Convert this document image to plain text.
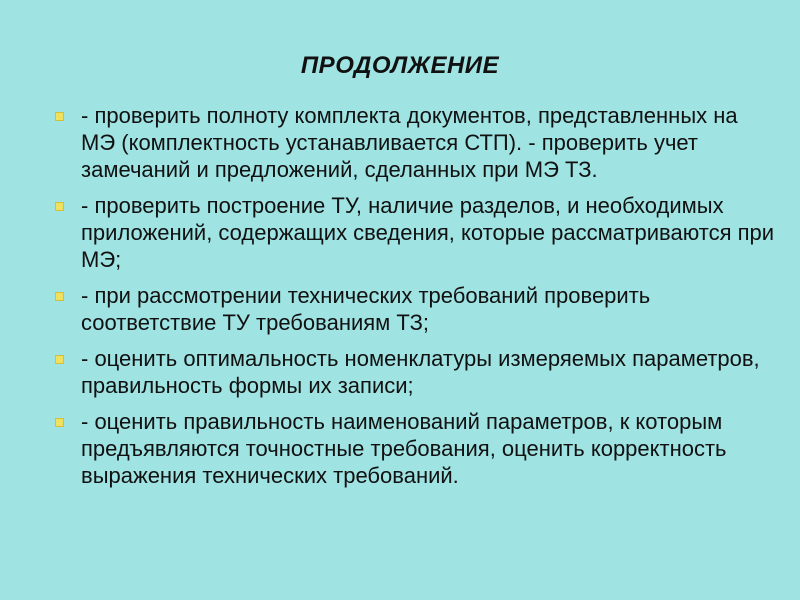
ПРОДОЛЖЕНИЕ
- проверить полноту комплекта документов, представленных на МЭ (комплектность устанавливается СТП). - проверить учет замечаний и предложений, сделанных при МЭ ТЗ.
- проверить построение ТУ, наличие разделов, и необходимых приложений, содержащих сведения, которые рассматриваются при МЭ;
- при рассмотрении технических требований проверить соответствие ТУ требованиям ТЗ;
- оценить оптимальность номенклатуры измеряемых параметров, правильность формы их записи;
- оценить правильность наименований параметров, к которым предъявляются точностные требования, оценить корректность выражения технических требований.
